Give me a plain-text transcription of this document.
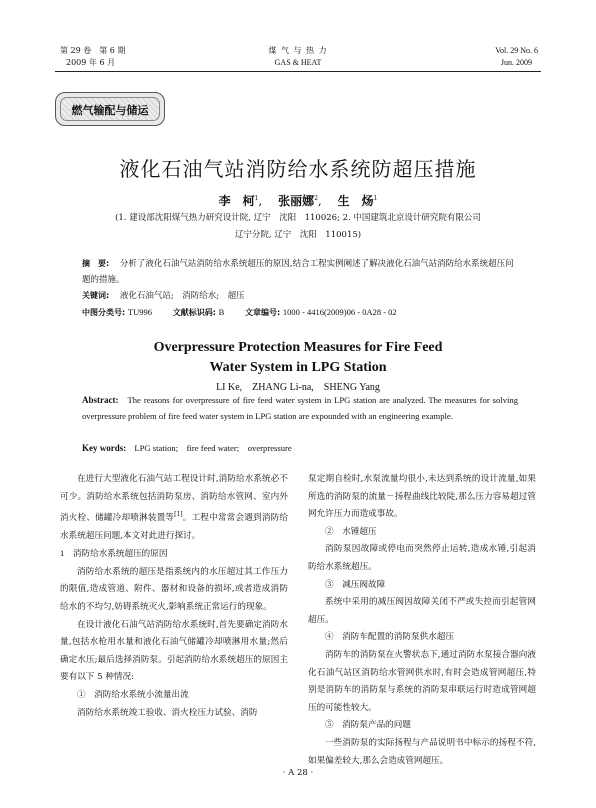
第 29 卷　第 6 期
2009 年 6 月
煤 气 与 热 力
GAS & HEAT
Vol. 29 No. 6
Jun. 2009
燃气输配与储运
液化石油气站消防给水系统防超压措施
李　柯$^1$, 张丽娜$^2$, 生　炀$^1$
(1. 建设部沈阳煤气热力研究设计院, 辽宁　沈阳　110026; 2. 中国建筑北京设计研究院有限公司
辽宁分院, 辽宁　沈阳　110015)
摘　要: 分析了液化石油气站消防给水系统超压的原因,结合工程实例阐述了解决液化石油气站消防给水系统超压问题的措施。
关键词: 液化石油气站;　消防给水;　超压
中图分类号: TU996	文献标识码: B	文章编号: 1000 - 4416(2009)06 - 0A28 - 02
Overpressure Protection Measures for Fire Feed
Water System in LPG Station
LI Ke,　ZHANG Li-na,　SHENG Yang
Abstract: The reasons for overpressure of fire feed water system in LPG station are analyzed. The measures for solving overpressure problem of fire feed water system in LPG station are expounded with an engineering example.
Key words: LPG station;　fire feed water;　overpressure

在进行大型液化石油气站工程设计时,消防给水系统必不可少。消防给水系统包括消防泵房、消防给水管网、室内外消火栓、储罐冷却喷淋装置等[1]。工程中常常会遇到消防给水系统超压问题,本文对此进行探讨。

1　 消防给水系统超压的原因

消防给水系统的超压是指系统内的水压超过其工作压力的限值,造成管道、附件、器材和设备的损坏,或者造成消防给水的不均匀,妨碍系统灭火,影响系统正常运行的现象。

在设计液化石油气站消防给水系统时,首先要确定消防水量,包括水枪用水量和液化石油气储罐冷却喷淋用水量;然后确定水压;最后选择消防泵。引起消防给水系统超压的原因主要有以下 5 种情况:

①　消防给水系统小流量出流

消防给水系统竣工验收、消火栓压力试验、消防

泵定期自检时,水泵流量均很小,未达到系统的设计流量,如果所选的消防泵的流量－扬程曲线比较陡,那么压力容易超过管网允许压力而造成事故。

②　水锤超压

消防泵因故障或停电而突然停止运转,造成水锤,引起消防给水系统超压。

③　减压阀故障

系统中采用的减压阀因故障关闭不严或失控而引起管网超压。

④　消防车配置的消防泵供水超压

消防车的消防泵在火警状态下,通过消防水泵接合器向液化石油气站区消防给水管网供水时,有时会造成管网超压,特别是消防车的消防泵与系统的消防泵串联运行时造成管网超压的可能性较大。

⑤　消防泵产品的问题

一些消防泵的实际扬程与产品说明书中标示的扬程不符,如果偏差较大,那么会造成管网超压。

· A 28 ·
